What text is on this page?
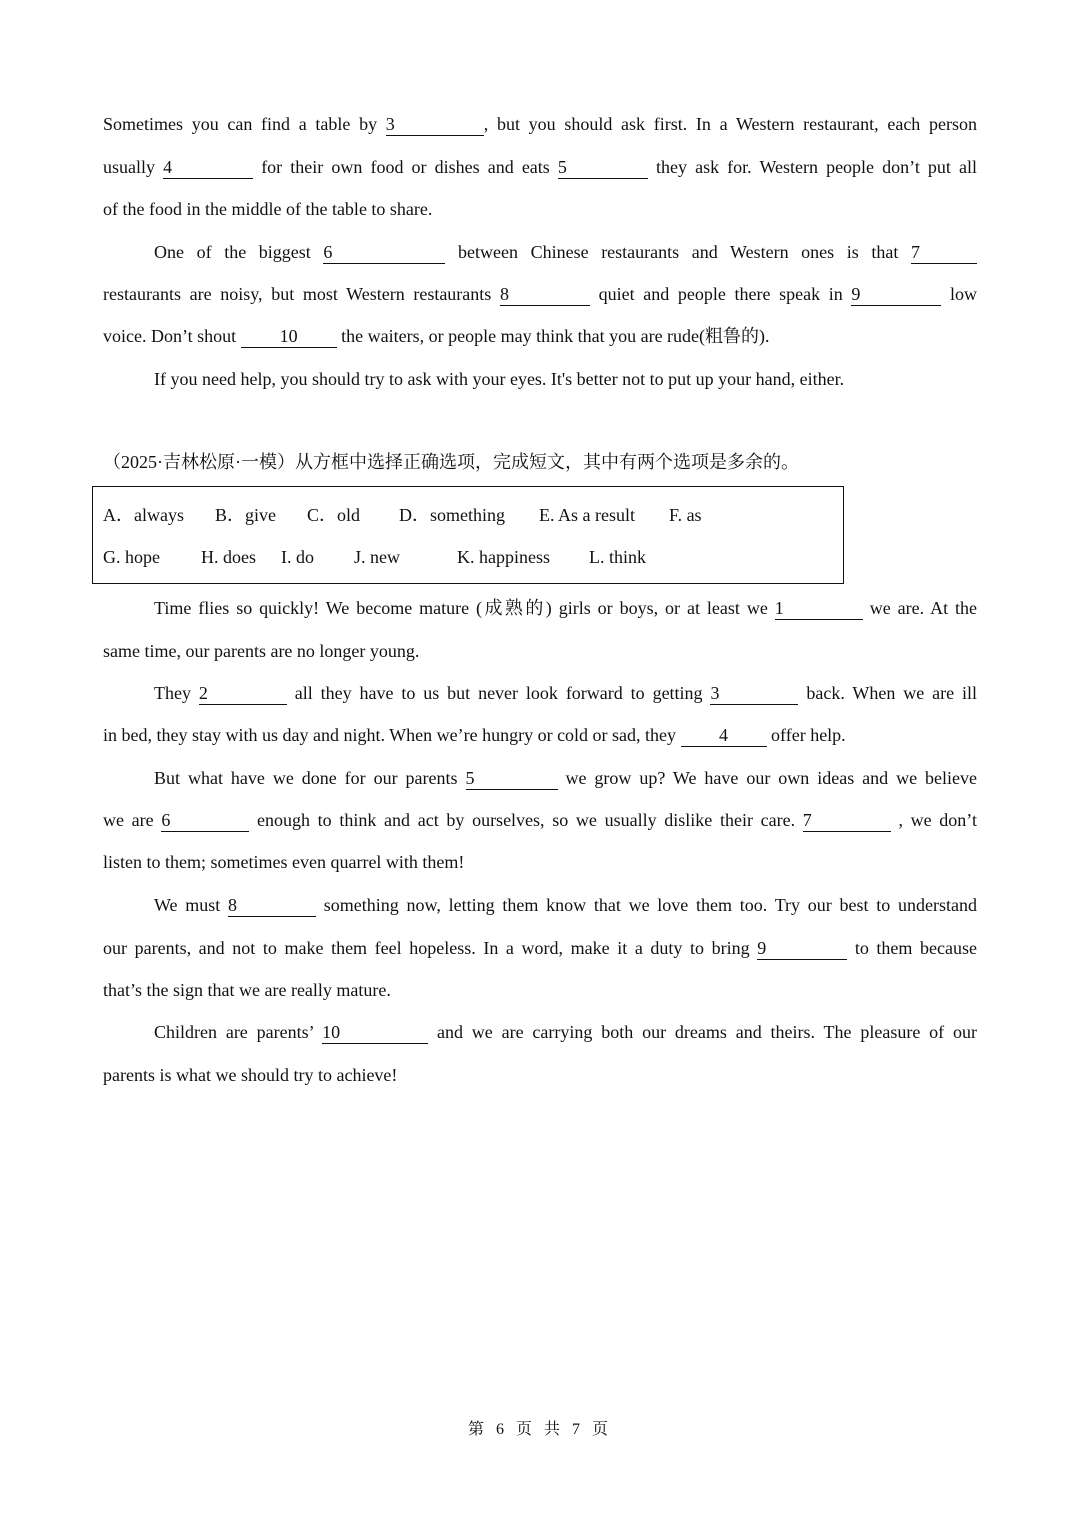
Sometimes you can find a table by 3	, but you should ask first. In a Western restaurant, each person
usually 4	for their own food or dishes and eats 5	they ask for. Western people don’t put all
of the food in the middle of the table to share.
One of the biggest 6	between Chinese restaurants and Western ones is that 7
restaurants are noisy, but most Western restaurants 8	quiet and people there speak in 9	low
voice. Don’t shout 10 the waiters, or people may think that you are rude(粗鲁的).
If you need help, you should try to ask with your eyes. It's better not to put up your hand, either.
（2025·吉林松原·一模）从方框中选择正确选项，完成短文，其中有两个选项是多余的。
A．always B．give C．old D．something E. As a result F. as
G. hope H. does I. do J. new	K. happiness L. think
Time flies so quickly! We become mature (成熟的) girls or boys, or at least we 1	we are. At the
same time, our parents are no longer young.
They 2	all they have to us but never look forward to getting 3	back. When we are ill
in bed, they stay with us day and night. When we’re hungry or cold or sad, they 4 offer help.
But what have we done for our parents 5	we grow up? We have our own ideas and we believe
we are 6	enough to think and act by ourselves, so we usually dislike their care. 7	, we don’t
listen to them; sometimes even quarrel with them!
We must 8	something now, letting them know that we love them too. Try our best to understand
our parents, and not to make them feel hopeless. In a word, make it a duty to bring 9	to them because
that’s the sign that we are really mature.
Children are parents’ 10	and we are carrying both our dreams and theirs. The pleasure of our
parents is what we should try to achieve!
第 6 页 共 7 页
